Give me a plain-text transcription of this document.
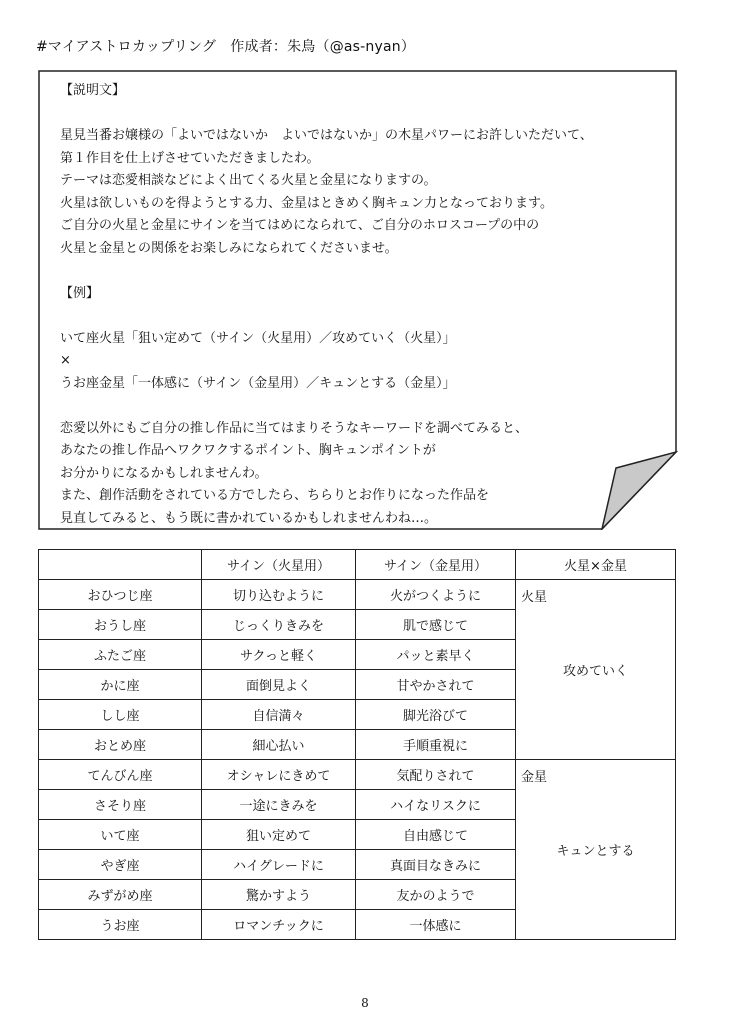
#マイアストロカップリング　作成者：朱鳥（@as-nyan）

【説明文】

星見当番お嬢様の「よいではないか　よいではないか」の木星パワーにお許しいただいて、

第１作目を仕上げさせていただきましたわ。

テーマは恋愛相談などによく出てくる火星と金星になりますの。

火星は欲しいものを得ようとする力、金星はときめく胸キュン力となっております。

ご自分の火星と金星にサインを当てはめになられて、ご自分のホロスコープの中の

火星と金星との関係をお楽しみになられてくださいませ。

【例】

いて座火星「狙い定めて（サイン（火星用）／攻めていく（火星）」

×

うお座金星「一体感に（サイン（金星用）／キュンとする（金星）」

恋愛以外にもご自分の推し作品に当てはまりそうなキーワードを調べてみると、

あなたの推し作品へワクワクするポイント、胸キュンポイントが

お分かりになるかもしれませんわ。

また、創作活動をされている方でしたら、ちらりとお作りになった作品を

見直してみると、もう既に書かれているかもしれませんわね…。

	サイン（火星用）	サイン（金星用）	火星×金星
おひつじ座	切り込むように	火がつくように	火星
攻めていく
おうし座	じっくりきみを	肌で感じて	
ふたご座	サクっと軽く	パッと素早く	
かに座	面倒見よく	甘やかされて	
しし座	自信満々	脚光浴びて	
おとめ座	細心払い	手順重視に	
てんびん座	オシャレにきめて	気配りされて	金星
キュンとする
さそり座	一途にきみを	ハイなリスクに	
いて座	狙い定めて	自由感じて	
やぎ座	ハイグレードに	真面目なきみに	
みずがめ座	驚かすよう	友かのようで	
うお座	ロマンチックに	一体感に	
8
